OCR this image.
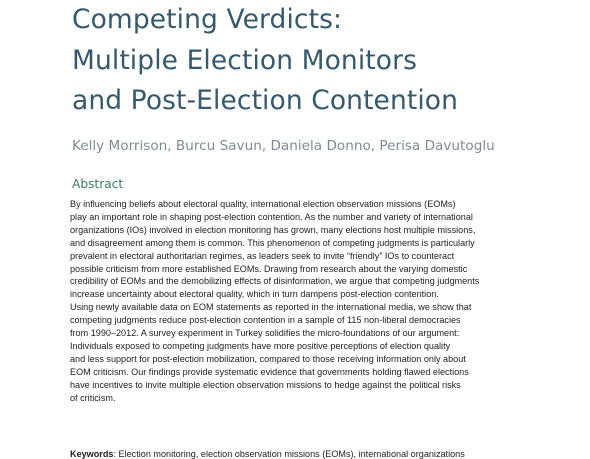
Competing Verdicts:
Multiple Election Monitors
and Post-Election Contention
Kelly Morrison, Burcu Savun, Daniela Donno, Perisa Davutoglu
Abstract
By influencing beliefs about electoral quality, international election observation missions (EOMs)
play an important role in shaping post-election contention. As the number and variety of international
organizations (IOs) involved in election monitoring has grown, many elections host multiple missions,
and disagreement among them is common. This phenomenon of competing judgments is particularly
prevalent in electoral authoritarian regimes, as leaders seek to invite “friendly” IOs to counteract
possible criticism from more established EOMs. Drawing from research about the varying domestic
credibility of EOMs and the demobilizing effects of disinformation, we argue that competing judgments
increase uncertainty about electoral quality, which in turn dampens post-election contention.
Using newly available data on EOM statements as reported in the international media, we show that
competing judgments reduce post-election contention in a sample of 115 non-liberal democracies
from 1990–2012. A survey experiment in Turkey solidifies the micro-foundations of our argument:
Individuals exposed to competing judgments have more positive perceptions of election quality
and less support for post-election mobilization, compared to those receiving information only about
EOM criticism. Our findings provide systematic evidence that governments holding flawed elections
have incentives to invite multiple election observation missions to hedge against the political risks
of criticism.
Keywords: Election monitoring, election observation missions (EOMs), international organizations
